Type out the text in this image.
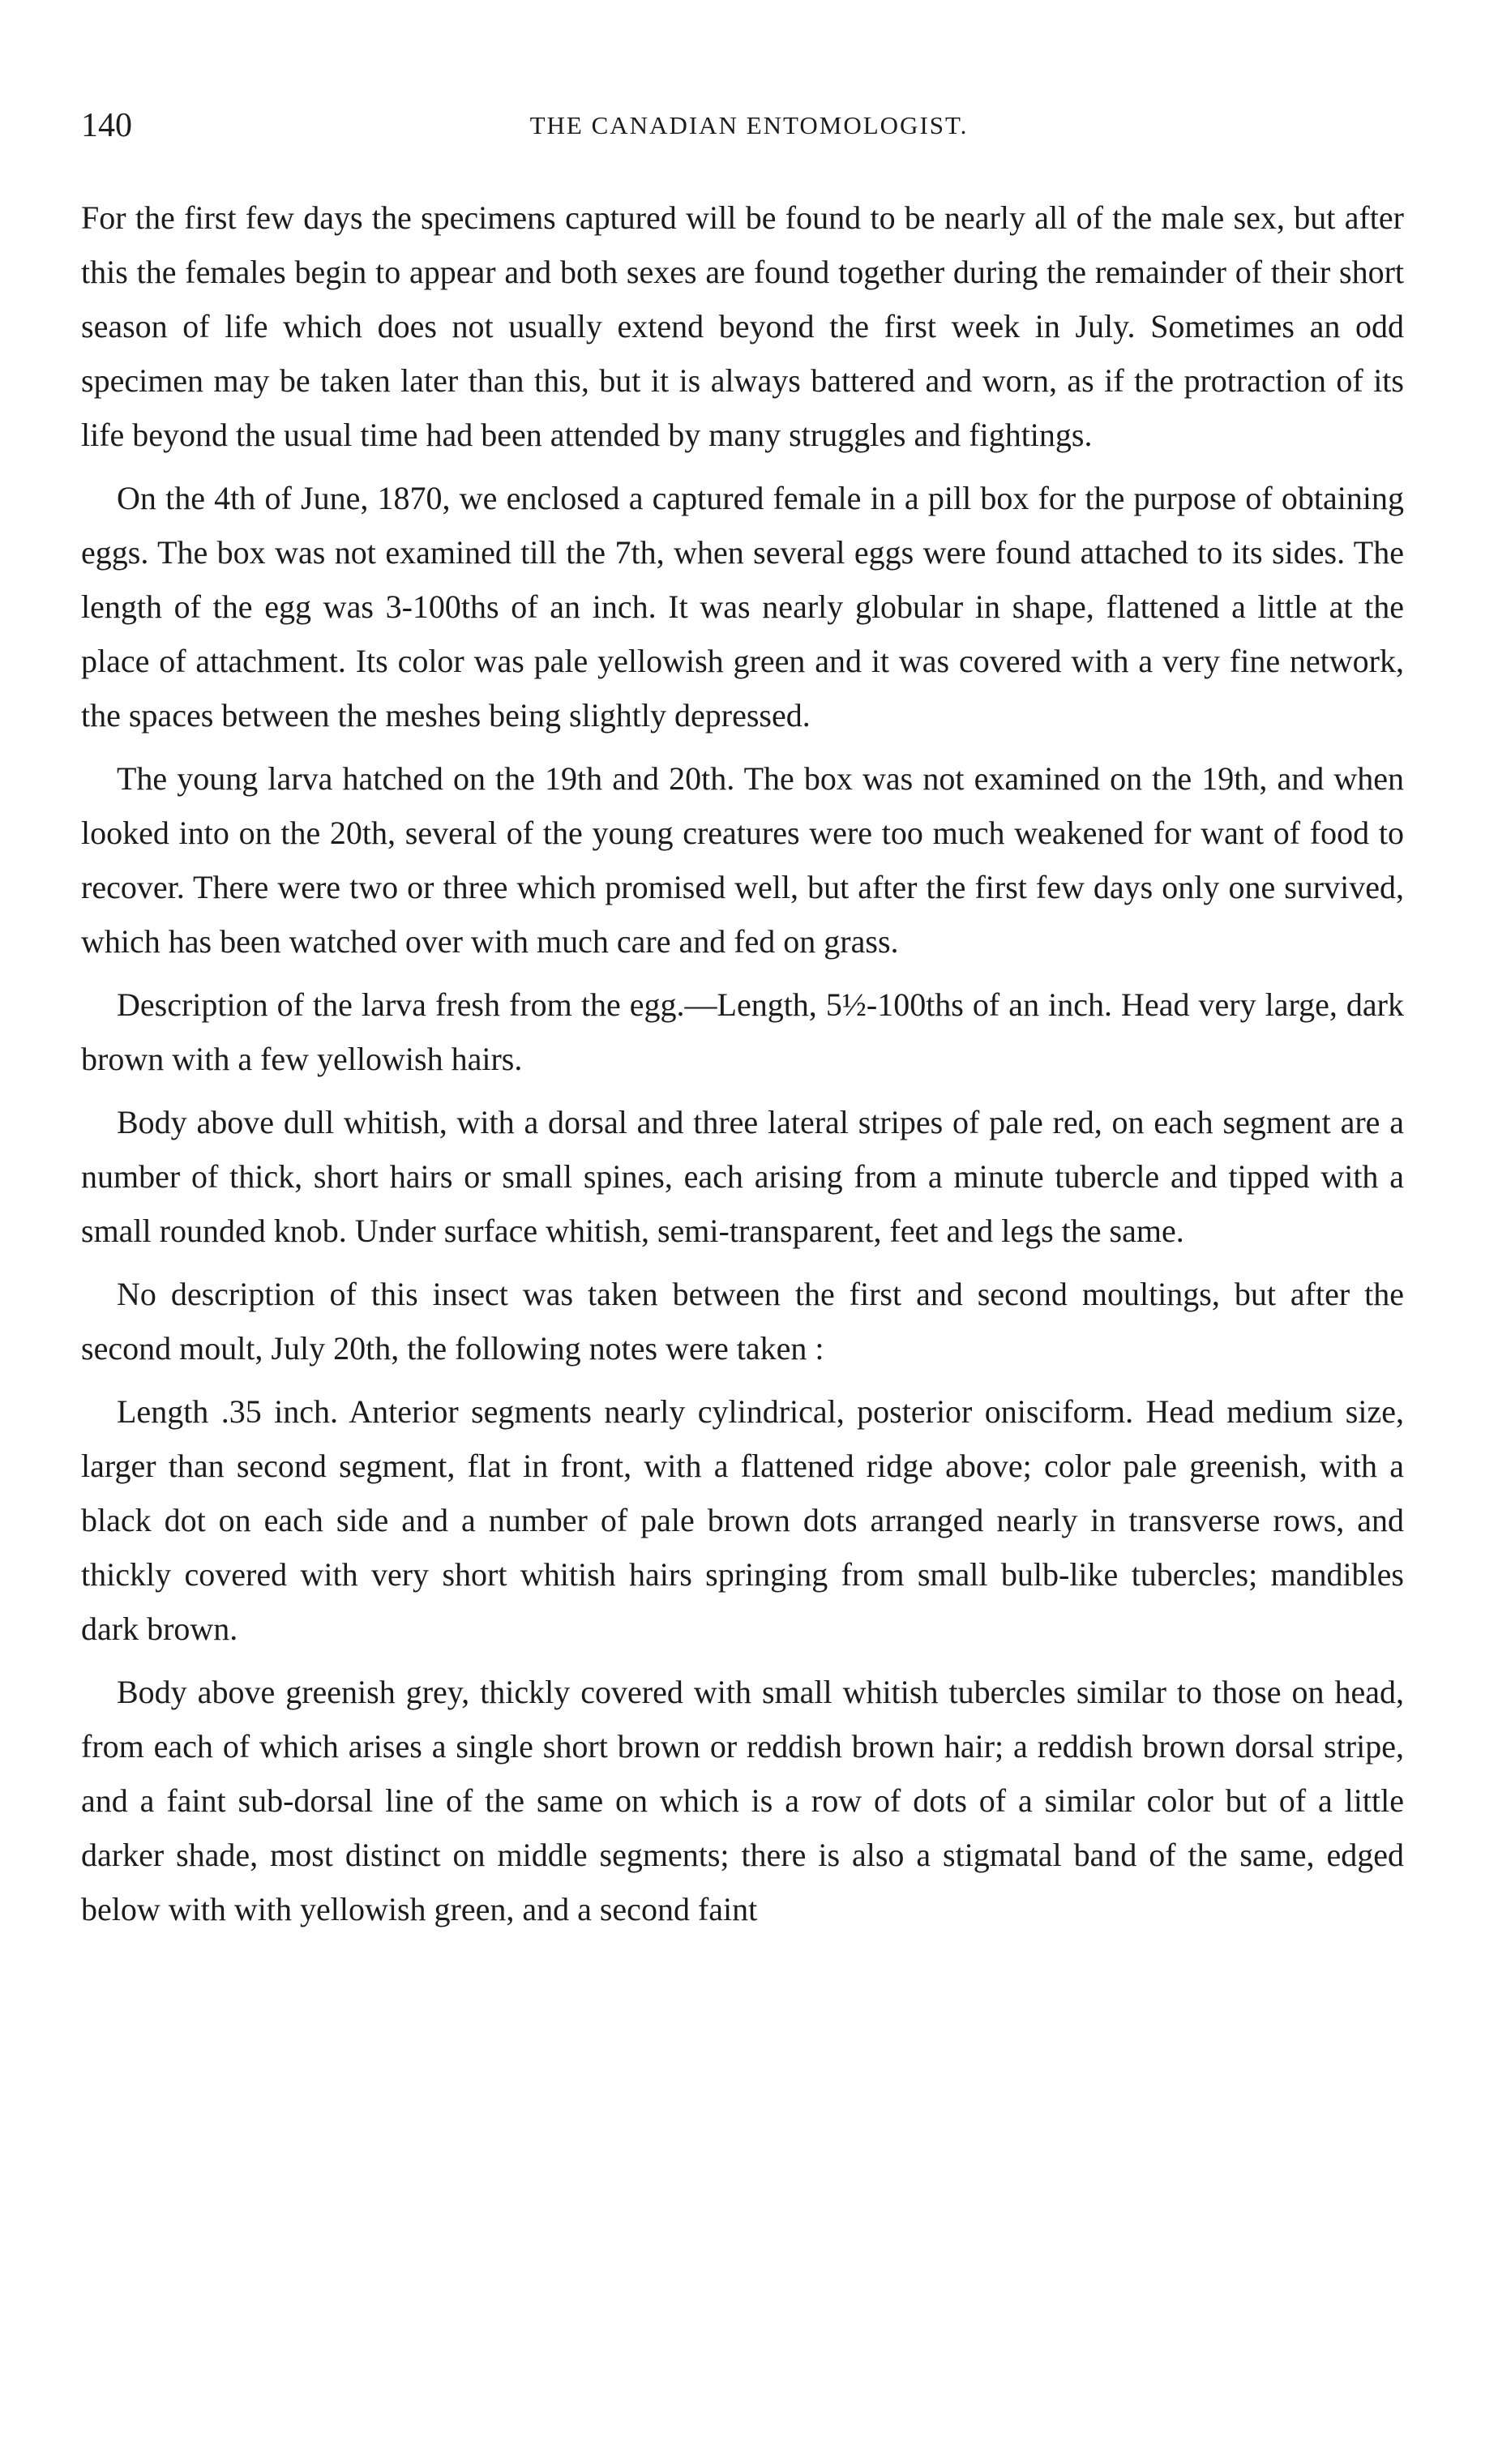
140	THE CANADIAN ENTOMOLOGIST.

For the first few days the specimens captured will be found to be nearly all of the male sex, but after this the females begin to appear and both sexes are found together during the remainder of their short season of life which does not usually extend beyond the first week in July. Sometimes an odd specimen may be taken later than this, but it is always battered and worn, as if the protraction of its life beyond the usual time had been attended by many struggles and fightings.

On the 4th of June, 1870, we enclosed a captured female in a pill box for the purpose of obtaining eggs. The box was not examined till the 7th, when several eggs were found attached to its sides. The length of the egg was 3-100ths of an inch. It was nearly globular in shape, flattened a little at the place of attachment. Its color was pale yellowish green and it was covered with a very fine network, the spaces between the meshes being slightly depressed.

The young larva hatched on the 19th and 20th. The box was not examined on the 19th, and when looked into on the 20th, several of the young creatures were too much weakened for want of food to recover. There were two or three which promised well, but after the first few days only one survived, which has been watched over with much care and fed on grass.

Description of the larva fresh from the egg.—Length, 5½-100ths of an inch. Head very large, dark brown with a few yellowish hairs.

Body above dull whitish, with a dorsal and three lateral stripes of pale red, on each segment are a number of thick, short hairs or small spines, each arising from a minute tubercle and tipped with a small rounded knob. Under surface whitish, semi-transparent, feet and legs the same.

No description of this insect was taken between the first and second moultings, but after the second moult, July 20th, the following notes were taken :

Length .35 inch. Anterior segments nearly cylindrical, posterior onisciform. Head medium size, larger than second segment, flat in front, with a flattened ridge above; color pale greenish, with a black dot on each side and a number of pale brown dots arranged nearly in transverse rows, and thickly covered with very short whitish hairs springing from small bulb-like tubercles; mandibles dark brown.

Body above greenish grey, thickly covered with small whitish tubercles similar to those on head, from each of which arises a single short brown or reddish brown hair; a reddish brown dorsal stripe, and a faint sub-dorsal line of the same on which is a row of dots of a similar color but of a little darker shade, most distinct on middle segments; there is also a stigmatal band of the same, edged below with with yellowish green, and a second faint
